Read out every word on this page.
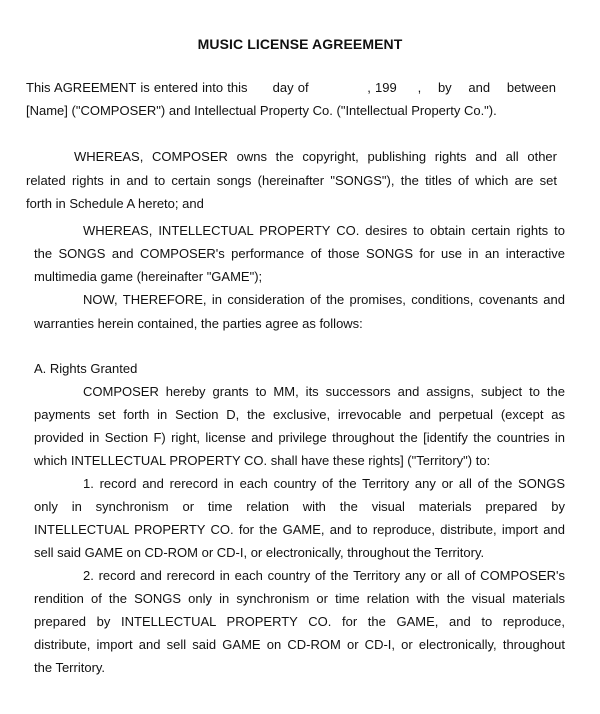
MUSIC LICENSE AGREEMENT
This AGREEMENT is entered into this      day of              , 199     ,    by    and    between
[Name] ("COMPOSER") and Intellectual Property Co. ("Intellectual Property Co.").
WHEREAS, COMPOSER owns the copyright, publishing rights and all other
related rights in and to certain songs (hereinafter "SONGS"), the titles of which are set
forth in Schedule A hereto; and
WHEREAS, INTELLECTUAL PROPERTY CO. desires to obtain certain rights to
the SONGS and COMPOSER's performance of those SONGS for use in an interactive
multimedia game (hereinafter "GAME");
NOW, THEREFORE, in consideration of the promises, conditions, covenants and
warranties herein contained, the parties agree as follows:
A. Rights Granted
COMPOSER hereby grants to MM, its successors and assigns, subject to the
payments set forth in Section D, the exclusive, irrevocable and perpetual (except as
provided in Section F) right, license and privilege throughout the [identify the countries in
which INTELLECTUAL PROPERTY CO. shall have these rights] ("Territory") to:
1. record and rerecord in each country of the Territory any or all of the SONGS
only in synchronism or time relation with the visual materials prepared by
INTELLECTUAL PROPERTY CO. for the GAME, and to reproduce, distribute, import and
sell said GAME on CD-ROM or CD-I, or electronically, throughout the Territory.
2. record and rerecord in each country of the Territory any or all of COMPOSER's
rendition of the SONGS only in synchronism or time relation with the visual materials
prepared by INTELLECTUAL PROPERTY CO. for the GAME, and to reproduce,
distribute, import and sell said GAME on CD-ROM or CD-I, or electronically, throughout
the Territory.
